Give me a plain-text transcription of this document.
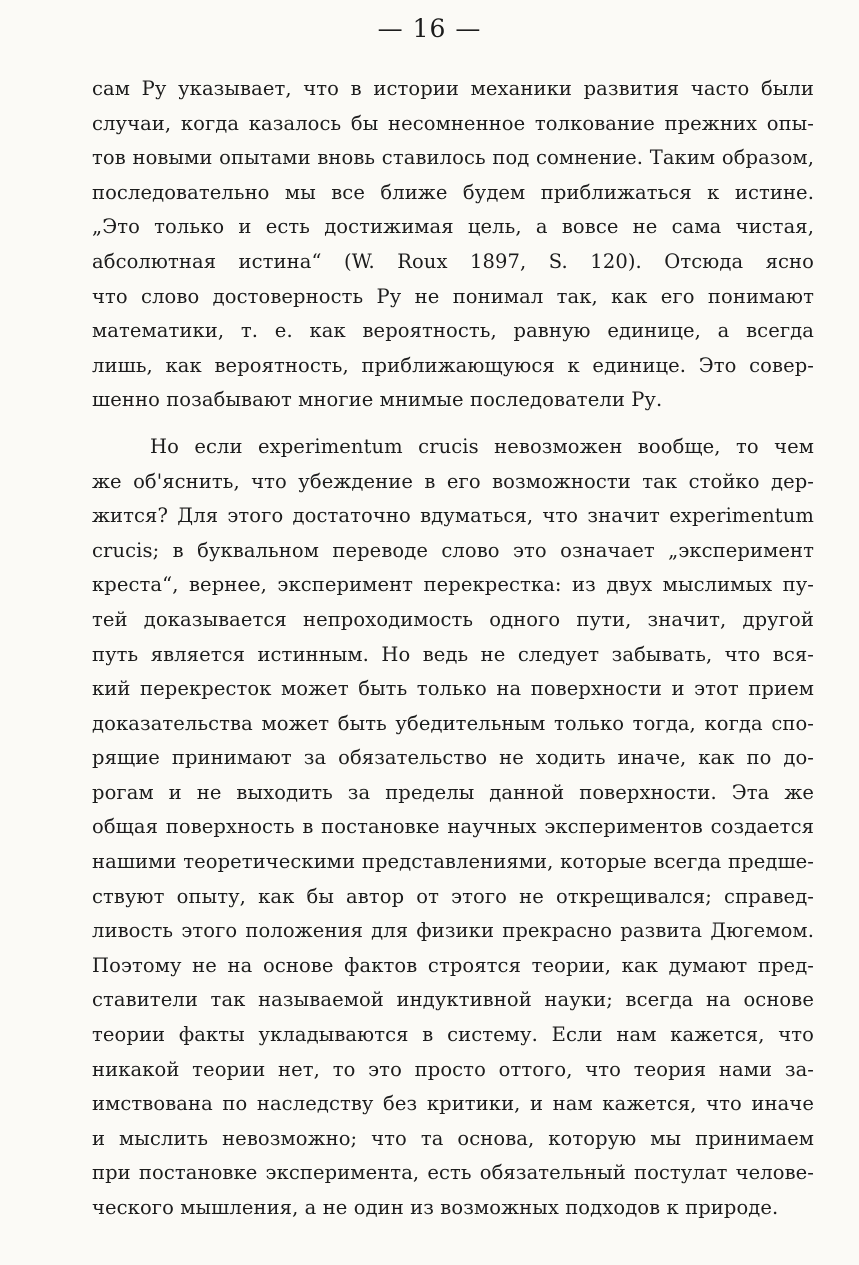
— 16 —
сам Ру указывает, что в истории механики развития часто были
случаи, когда казалось бы несомненное толкование прежних опы-
тов новыми опытами вновь ставилось под сомнение. Таким образом,
последовательно мы все ближе будем приближаться к истине.
„Это только и есть достижимая цель, а вовсе не сама чистая,
абсолютная истина“ (W. Roux 1897, S. 120). Отсюда ясно
что слово достоверность Ру не понимал так, как его понимают
математики, т. е. как вероятность, равную единице, а всегда
лишь, как вероятность, приближающуюся к единице. Это совер-
шенно позабывают многие мнимые последователи Ру.
Но если experimentum crucis невозможен вообще, то чем
же об'яснить, что убеждение в его возможности так стойко дер-
жится? Для этого достаточно вдуматься, что значит experimentum
crucis; в буквальном переводе слово это означает „эксперимент
креста“, вернее, эксперимент перекрестка: из двух мыслимых пу-
тей доказывается непроходимость одного пути, значит, другой
путь является истинным. Но ведь не следует забывать, что вся-
кий перекресток может быть только на поверхности и этот прием
доказательства может быть убедительным только тогда, когда спо-
рящие принимают за обязательство не ходить иначе, как по до-
рогам и не выходить за пределы данной поверхности. Эта же
общая поверхность в постановке научных экспериментов создается
нашими теоретическими представлениями, которые всегда предше-
ствуют опыту, как бы автор от этого не открещивался; справед-
ливость этого положения для физики прекрасно развита Дюгемом.
Поэтому не на основе фактов строятся теории, как думают пред-
ставители так называемой индуктивной науки; всегда на основе
теории факты укладываются в систему. Если нам кажется, что
никакой теории нет, то это просто оттого, что теория нами за-
имствована по наследству без критики, и нам кажется, что иначе
и мыслить невозможно; что та основа, которую мы принимаем
при постановке эксперимента, есть обязательный постулат челове-
ческого мышления, а не один из возможных подходов к природе.
